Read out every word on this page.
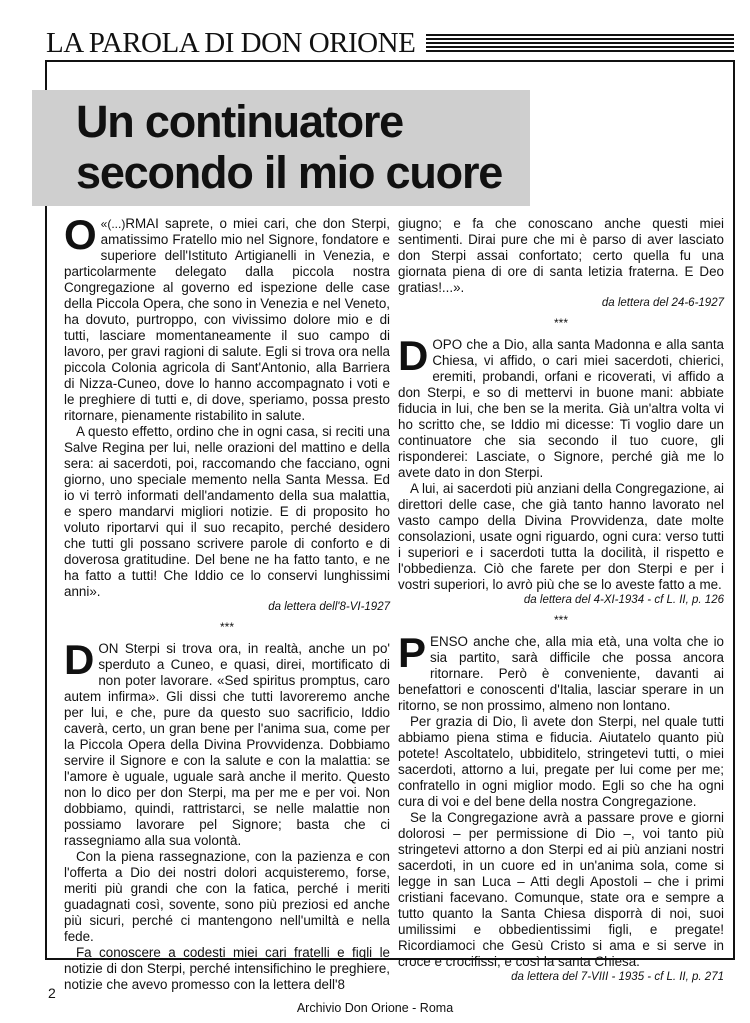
LA PAROLA DI DON ORIONE
Un continuatore secondo il mio cuore

«(...)
O RMAI saprete, o miei cari, che don Sterpi, amatissimo Fratello mio nel Signore, fondatore e superiore dell'Istituto Artigianelli in Venezia, e particolarmente delegato dalla piccola nostra Congregazione al governo ed ispezione delle case della Piccola Opera, che sono in Venezia e nel Veneto, ha dovuto, purtroppo, con vivissimo dolore mio e di tutti, lasciare momentaneamente il suo campo di lavoro, per gravi ragioni di salute. Egli si trova ora nella piccola Colonia agricola di Sant'Antonio, alla Barriera di Nizza-Cuneo, dove lo hanno accompagnato i voti e le preghiere di tutti e, di dove, speriamo, possa presto ritornare, pienamente ristabilito in salute.

A questo effetto, ordino che in ogni casa, si reciti una Salve Regina per lui, nelle orazioni del mattino e della sera: ai sacerdoti, poi, raccomando che facciano, ogni giorno, uno speciale memento nella Santa Messa. Ed io vi terrò informati dell'andamento della sua malattia, e spero mandarvi migliori notizie. E di proposito ho voluto riportarvi qui il suo recapito, perché desidero che tutti gli possano scrivere parole di conforto e di doverosa gratitudine. Del bene ne ha fatto tanto, e ne ha fatto a tutti! Che Iddio ce lo conservi lunghissimi anni».

da lettera dell'8-VI-1927

***

DON Sterpi si trova ora, in realtà, anche un po' sperduto a Cuneo, e quasi, direi, mortificato di non poter lavorare. «Sed spiritus promptus, caro autem infirma». Gli dissi che tutti lavoreremo anche per lui, e che, pure da questo suo sacrificio, Iddio caverà, certo, un gran bene per l'anima sua, come per la Piccola Opera della Divina Provvidenza. Dobbiamo servire il Signore e con la salute e con la malattia: se l'amore è uguale, uguale sarà anche il merito. Questo non lo dico per don Sterpi, ma per me e per voi. Non dobbiamo, quindi, rattristarci, se nelle malattie non possiamo lavorare pel Signore; basta che ci rassegniamo alla sua volontà.

Con la piena rassegnazione, con la pazienza e con l'offerta a Dio dei nostri dolori acquisteremo, forse, meriti più grandi che con la fatica, perché i meriti guadagnati così, sovente, sono più preziosi ed anche più sicuri, perché ci mantengono nell'umiltà e nella fede.

Fa conoscere a codesti miei cari fratelli e figli le notizie di don Sterpi, perché intensifichino le preghiere, notizie che avevo promesso con la lettera dell'8

giugno; e fa che conoscano anche questi miei sentimenti. Dirai pure che mi è parso di aver lasciato don Sterpi assai confortato; certo quella fu una giornata piena di ore di santa letizia fraterna. E Deo gratias!...».

da lettera del 24-6-1927

***

DOPO che a Dio, alla santa Madonna e alla santa Chiesa, vi affido, o cari miei sacerdoti, chierici, eremiti, probandi, orfani e ricoverati, vi affido a don Sterpi, e so di mettervi in buone mani: abbiate fiducia in lui, che ben se la merita. Già un'altra volta vi ho scritto che, se Iddio mi dicesse: Ti voglio dare un continuatore che sia secondo il tuo cuore, gli risponderei: Lasciate, o Signore, perché già me lo avete dato in don Sterpi.

A lui, ai sacerdoti più anziani della Congregazione, ai direttori delle case, che già tanto hanno lavorato nel vasto campo della Divina Provvidenza, date molte consolazioni, usate ogni riguardo, ogni cura: verso tutti i superiori e i sacerdoti tutta la docilità, il rispetto e l'obbedienza. Ciò che farete per don Sterpi e per i vostri superiori, lo avrò più che se lo aveste fatto a me.

da lettera del 4-XI-1934 - cf L. II, p. 126

***

PENSO anche che, alla mia età, una volta che io sia partito, sarà difficile che possa ancora ritornare. Però è conveniente, davanti ai benefattori e conoscenti d'Italia, lasciar sperare in un ritorno, se non prossimo, almeno non lontano.

Per grazia di Dio, lì avete don Sterpi, nel quale tutti abbiamo piena stima e fiducia. Aiutatelo quanto più potete! Ascoltatelo, ubbiditelo, stringetevi tutti, o miei sacerdoti, attorno a lui, pregate per lui come per me; confratello in ogni miglior modo. Egli so che ha ogni cura di voi e del bene della nostra Congregazione.

Se la Congregazione avrà a passare prove e giorni dolorosi – per permissione di Dio –, voi tanto più stringetevi attorno a don Sterpi ed ai più anziani nostri sacerdoti, in un cuore ed in un'anima sola, come si legge in san Luca – Atti degli Apostoli – che i primi cristiani facevano. Comunque, state ora e sempre a tutto quanto la Santa Chiesa disporrà di noi, suoi umilissimi e obbedientissimi figli, e pregate! Ricordiamoci che Gesù Cristo si ama e si serve in croce e crocifissi, e così la santa Chiesa.

da lettera del 7-VIII - 1935 - cf L. II, p. 271

2
Archivio Don Orione - Roma
